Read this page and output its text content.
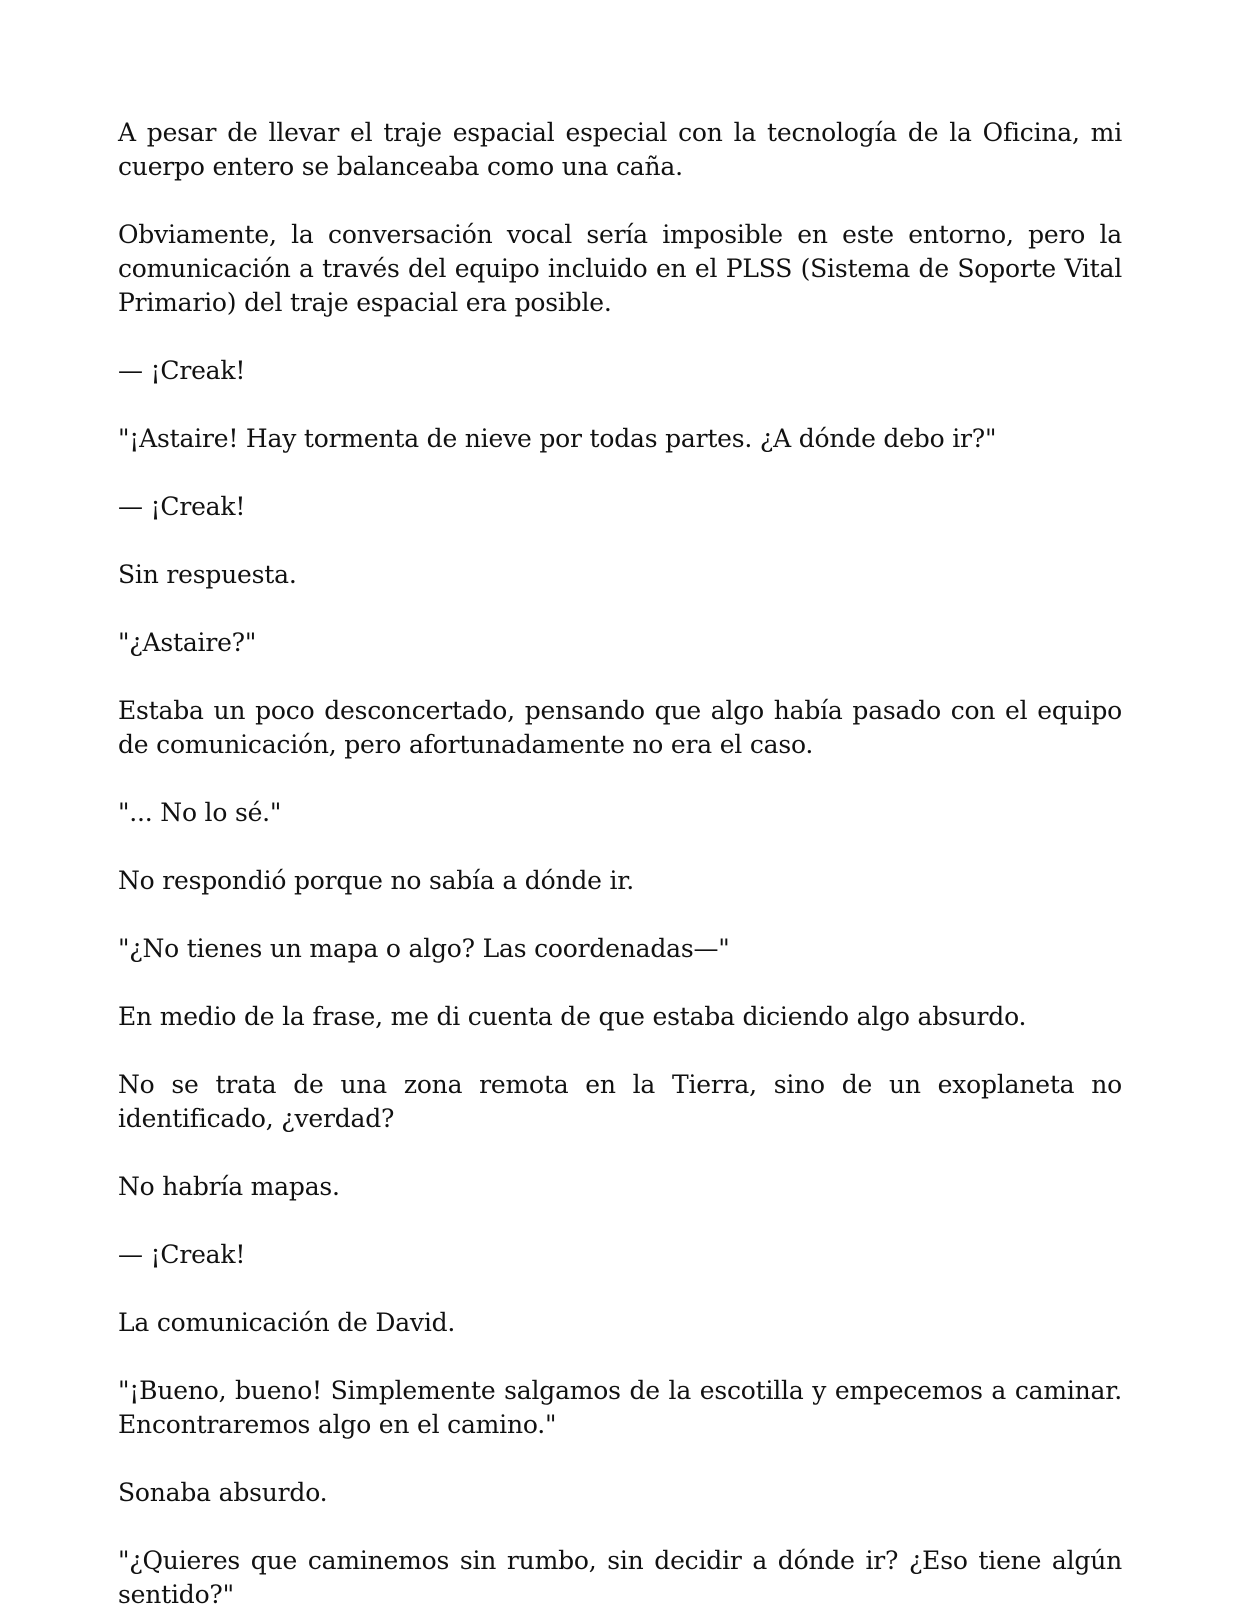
A pesar de llevar el traje espacial especial con la tecnología de la Oficina, mi cuerpo entero se balanceaba como una caña.

Obviamente, la conversación vocal sería imposible en este entorno, pero la comunicación a través del equipo incluido en el PLSS (Sistema de Soporte Vital Primario) del traje espacial era posible.

— ¡Creak!

"¡Astaire! Hay tormenta de nieve por todas partes. ¿A dónde debo ir?"

— ¡Creak!

Sin respuesta.

"¿Astaire?"

Estaba un poco desconcertado, pensando que algo había pasado con el equipo de comunicación, pero afortunadamente no era el caso.

"... No lo sé."

No respondió porque no sabía a dónde ir.

"¿No tienes un mapa o algo? Las coordenadas—"

En medio de la frase, me di cuenta de que estaba diciendo algo absurdo.

No se trata de una zona remota en la Tierra, sino de un exoplaneta no identificado, ¿verdad?

No habría mapas.

— ¡Creak!

La comunicación de David.

"¡Bueno, bueno! Simplemente salgamos de la escotilla y empecemos a caminar. Encontraremos algo en el camino."

Sonaba absurdo.

"¿Quieres que caminemos sin rumbo, sin decidir a dónde ir? ¿Eso tiene algún sentido?"
